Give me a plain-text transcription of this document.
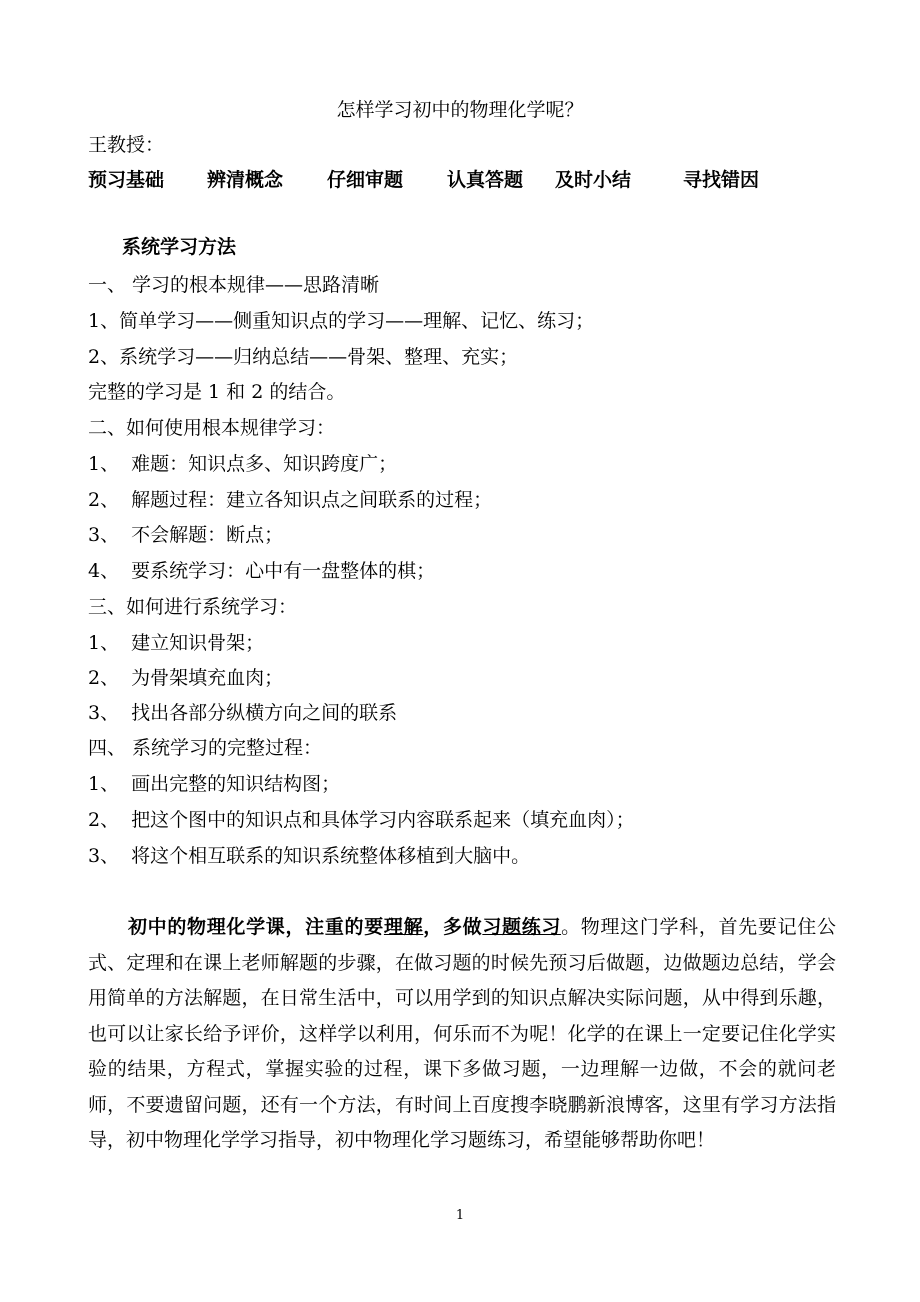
怎样学习初中的物理化学呢？
王教授：
预习基础 辨清概念 仔细审题 认真答题 及时小结	寻找错因
系统学习方法
一、 学习的根本规律——思路清晰
1、简单学习——侧重知识点的学习——理解、记忆、练习；
2、系统学习——归纳总结——骨架、整理、充实；
完整的学习是 1 和 2 的结合。
二、如何使用根本规律学习：
1、  难题：知识点多、知识跨度广；
2、  解题过程：建立各知识点之间联系的过程；
3、  不会解题：断点；
4、  要系统学习：心中有一盘整体的棋；
三、如何进行系统学习：
1、  建立知识骨架；
2、  为骨架填充血肉；
3、  找出各部分纵横方向之间的联系
四、 系统学习的完整过程：
1、  画出完整的知识结构图；
2、  把这个图中的知识点和具体学习内容联系起来（填充血肉）；
3、  将这个相互联系的知识系统整体移植到大脑中。
初中的物理化学课，注重的要理解，多做习题练习。物理这门学科，首先要记住公式、定理和在课上老师解题的步骤，在做习题的时候先预习后做题，边做题边总结，学会用简单的方法解题，在日常生活中，可以用学到的知识点解决实际问题，从中得到乐趣，也可以让家长给予评价，这样学以利用，何乐而不为呢！化学的在课上一定要记住化学实验的结果，方程式，掌握实验的过程，课下多做习题，一边理解一边做，不会的就问老师，不要遗留问题，还有一个方法，有时间上百度搜李晓鹏新浪博客，这里有学习方法指导，初中物理化学学习指导，初中物理化学习题练习，希望能够帮助你吧！
1
